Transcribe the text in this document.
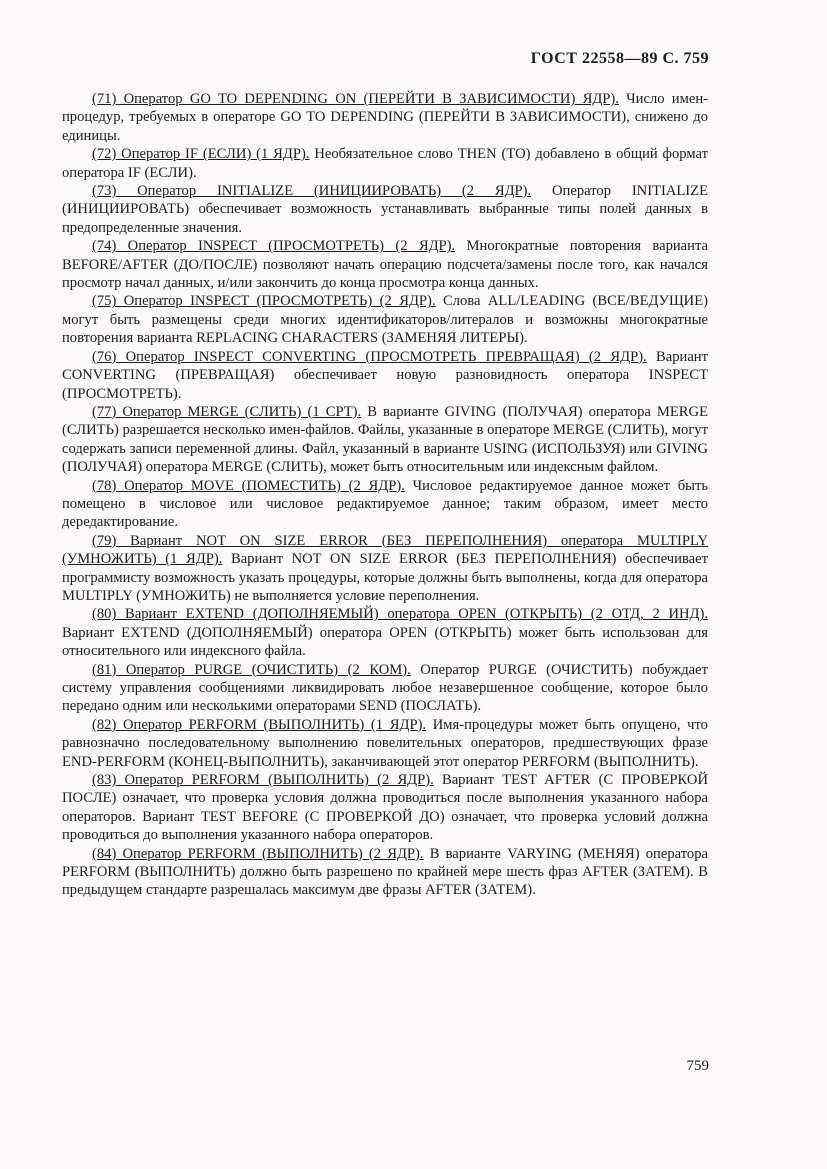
ГОСТ 22558—89 С. 759

(71) Оператор GO TO DEPENDING ON (ПЕРЕЙТИ В ЗАВИСИМОСТИ) ЯДР). Число имен-процедур, требуемых в операторе GO TO DEPENDING (ПЕРЕЙТИ В ЗАВИСИМОСТИ), снижено до единицы.

(72) Оператор IF (ЕСЛИ) (1 ЯДР). Необязательное слово THEN (ТО) добавлено в общий формат оператора IF (ЕСЛИ).

(73) Оператор INITIALIZE (ИНИЦИИРОВАТЬ) (2 ЯДР). Оператор INITIALIZE (ИНИЦИИРОВАТЬ) обеспечивает возможность устанавливать выбранные типы полей данных в предопределенные значения.

(74) Оператор INSPECT (ПРОСМОТРЕТЬ) (2 ЯДР). Многократные повторения варианта BEFORE/AFTER (ДО/ПОСЛЕ) позволяют начать операцию подсчета/замены после того, как начался просмотр начал данных, и/или закончить до конца просмотра конца данных.

(75) Оператор INSPECT (ПРОСМОТРЕТЬ) (2 ЯДР). Слова ALL/LEADING (ВСЕ/ВЕДУЩИЕ) могут быть размещены среди многих идентификаторов/литералов и возможны многократные повторения варианта REPLACING CHARACTERS (ЗАМЕНЯЯ ЛИТЕРЫ).

(76) Оператор INSPECT CONVERTING (ПРОСМОТРЕТЬ ПРЕВРАЩАЯ) (2 ЯДР). Вариант CONVERTING (ПРЕВРАЩАЯ) обеспечивает новую разновидность оператора INSPECT (ПРОСМОТРЕТЬ).

(77) Оператор MERGE (СЛИТЬ) (1 СРТ). В варианте GIVING (ПОЛУЧАЯ) оператора MERGE (СЛИТЬ) разрешается несколько имен-файлов. Файлы, указанные в операторе MERGE (СЛИТЬ), могут содержать записи переменной длины. Файл, указанный в варианте USING (ИСПОЛЬЗУЯ) или GIVING (ПОЛУЧАЯ) оператора MERGE (СЛИТЬ), может быть относительным или индексным файлом.

(78) Оператор MOVE (ПОМЕСТИТЬ) (2 ЯДР). Числовое редактируемое данное может быть помещено в числовое или числовое редактируемое данное; таким образом, имеет место дередактирование.

(79) Вариант NOT ON SIZE ERROR (БЕЗ ПЕРЕПОЛНЕНИЯ) оператора MULTIPLY (УМНОЖИТЬ) (1 ЯДР). Вариант NOT ON SIZE ERROR (БЕЗ ПЕРЕПОЛНЕНИЯ) обеспечивает программисту возможность указать процедуры, которые должны быть выполнены, когда для оператора MULTIPLY (УМНОЖИТЬ) не выполняется условие переполнения.

(80) Вариант EXTEND (ДОПОЛНЯЕМЫЙ) оператора OPEN (ОТКРЫТЬ) (2 ОТД, 2 ИНД). Вариант EXTEND (ДОПОЛНЯЕМЫЙ) оператора OPEN (ОТКРЫТЬ) может быть использован для относительного или индексного файла.

(81) Оператор PURGE (ОЧИСТИТЬ) (2 КОМ). Оператор PURGE (ОЧИСТИТЬ) побуждает систему управления сообщениями ликвидировать любое незавершенное сообщение, которое было передано одним или несколькими операторами SEND (ПОСЛАТЬ).

(82) Оператор PERFORM (ВЫПОЛНИТЬ) (1 ЯДР). Имя-процедуры может быть опущено, что равнозначно последовательному выполнению повелительных операторов, предшествующих фразе END-PERFORM (КОНЕЦ-ВЫПОЛНИТЬ), заканчивающей этот оператор PERFORM (ВЫПОЛНИТЬ).

(83) Оператор PERFORM (ВЫПОЛНИТЬ) (2 ЯДР). Вариант TEST AFTER (С ПРОВЕРКОЙ ПОСЛЕ) означает, что проверка условия должна проводиться после выполнения указанного набора операторов. Вариант TEST BEFORE (С ПРОВЕРКОЙ ДО) означает, что проверка условий должна проводиться до выполнения указанного набора операторов.

(84) Оператор PERFORM (ВЫПОЛНИТЬ) (2 ЯДР). В варианте VARYING (МЕНЯЯ) оператора PERFORM (ВЫПОЛНИТЬ) должно быть разрешено по крайней мере шесть фраз AFTER (ЗАТЕМ). В предыдущем стандарте разрешалась максимум две фразы AFTER (ЗАТЕМ).

759
